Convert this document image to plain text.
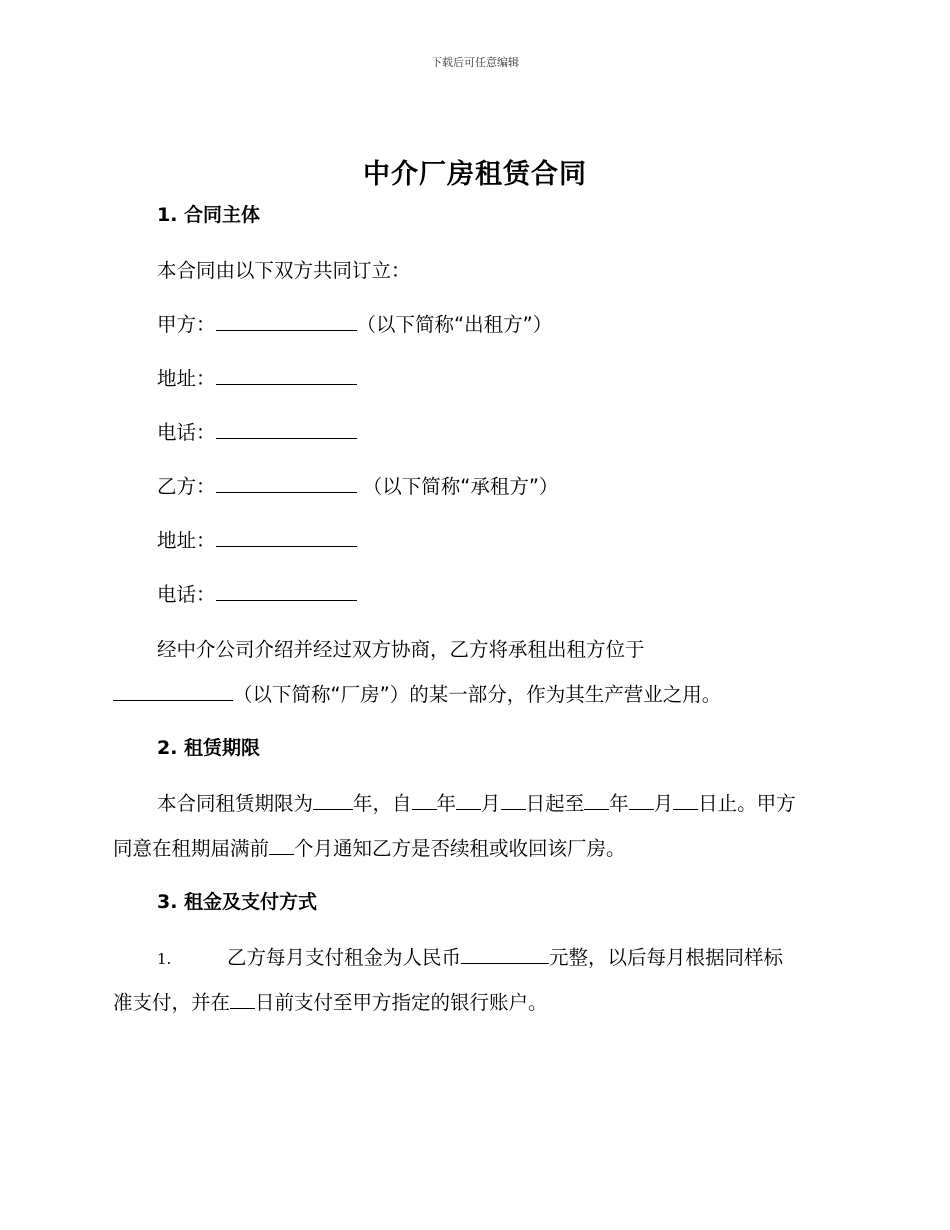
下载后可任意编辑
中介厂房租赁合同
1. 合同主体
本合同由以下双方共同订立：
甲方：	（以下简称“出租方”）
地址：
电话：
乙方：	（以下简称“承租方”）
地址：
电话：
经中介公司介绍并经过双方协商，乙方将承租出租方位于
（以下简称“厂房”）的某一部分，作为其生产营业之用。
2. 租赁期限
本合同租赁期限为 年，自 年 月 日起至 年 月 日止。甲方
同意在租期届满前 个月通知乙方是否续租或收回该厂房。
3. 租金及支付方式
1.	乙方每月支付租金为人民币	元整，以后每月根据同样标
准支付，并在 日前支付至甲方指定的银行账户。
